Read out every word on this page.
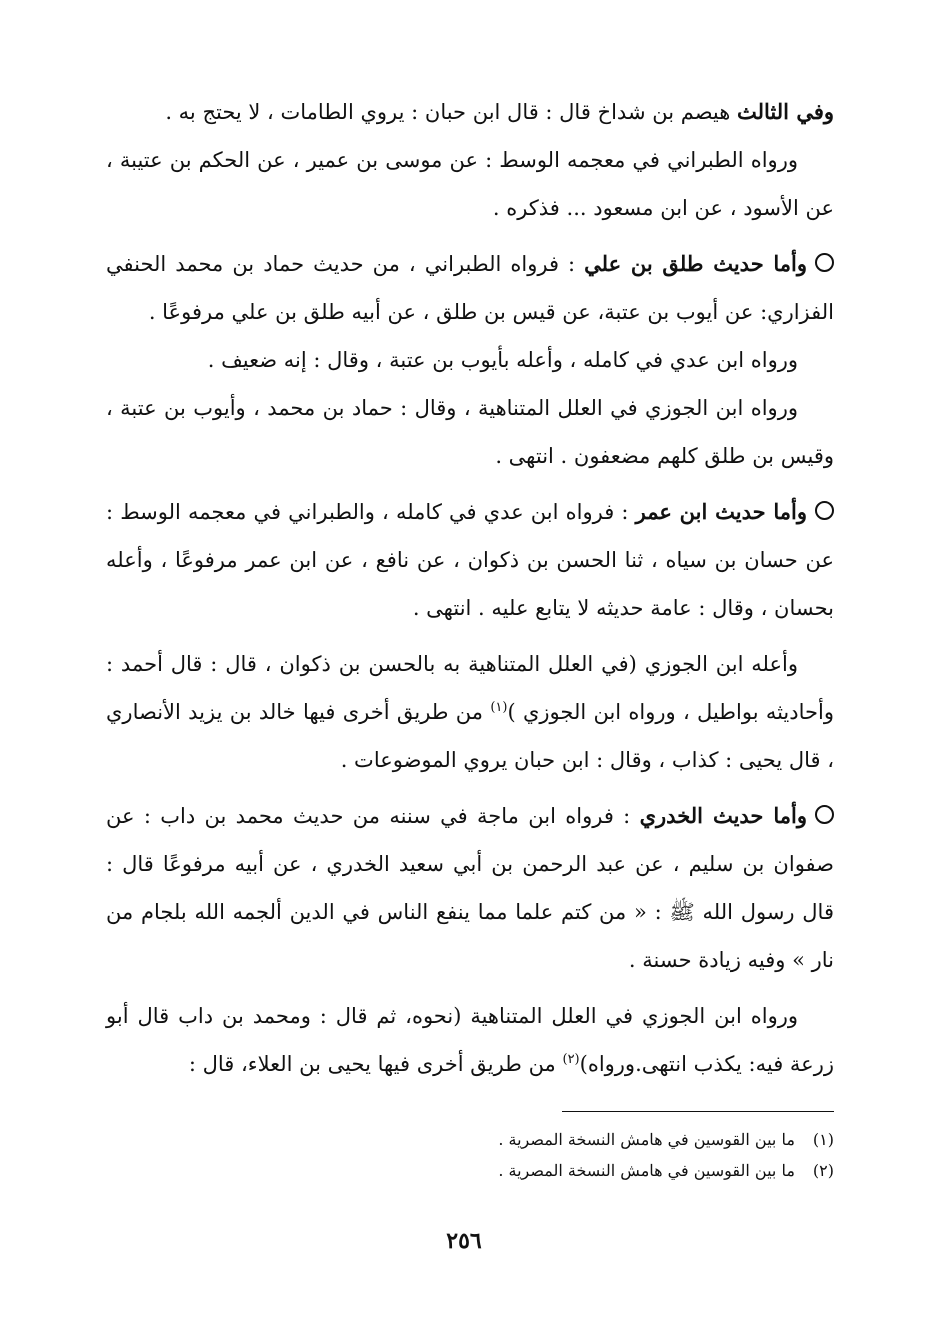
وفي الثالث هيصم بن شداخ قال : قال ابن حبان : يروي الطامات ، لا يحتج به .

ورواه الطبراني في معجمه الوسط : عن موسى بن عمير ، عن الحكم بن عتيبة ، عن الأسود ، عن ابن مسعود ... فذكره .

وأما حديث طلق بن علي : فرواه الطبراني ، من حديث حماد بن محمد الحنفي الفزاري: عن أيوب بن عتبة، عن قيس بن طلق ، عن أبيه طلق بن علي مرفوعًا .

ورواه ابن عدي في كامله ، وأعله بأيوب بن عتبة ، وقال : إنه ضعيف .

ورواه ابن الجوزي في العلل المتناهية ، وقال : حماد بن محمد ، وأيوب بن عتبة ، وقيس بن طلق كلهم مضعفون . انتهى .

وأما حديث ابن عمر : فرواه ابن عدي في كامله ، والطبراني في معجمه الوسط : عن حسان بن سياه ، ثنا الحسن بن ذكوان ، عن نافع ، عن ابن عمر مرفوعًا ، وأعله بحسان ، وقال : عامة حديثه لا يتابع عليه . انتهى .

وأعله ابن الجوزي (في العلل المتناهية به بالحسن بن ذكوان ، قال : قال أحمد : وأحاديثه بواطيل ، ورواه ابن الجوزي )$^{(١)}$ من طريق أخرى فيها خالد بن يزيد الأنصاري ، قال يحيى : كذاب ، وقال : ابن حبان يروي الموضوعات .

وأما حديث الخدري : فرواه ابن ماجة في سننه من حديث محمد بن داب : عن صفوان بن سليم ، عن عبد الرحمن بن أبي سعيد الخدري ، عن أبيه مرفوعًا قال : قال رسول الله ﷺ : « من كتم علما مما ينفع الناس في الدين ألجمه الله بلجام من نار » وفيه زيادة حسنة .

ورواه ابن الجوزي في العلل المتناهية (نحوه، ثم قال : ومحمد بن داب قال أبو زرعة فيه: يكذب انتهى.ورواه)$^{(٢)}$ من طريق أخرى فيها يحيى بن العلاء، قال :

(١) ما بين القوسين في هامش النسخة المصرية .

(٢) ما بين القوسين في هامش النسخة المصرية .

٢٥٦
